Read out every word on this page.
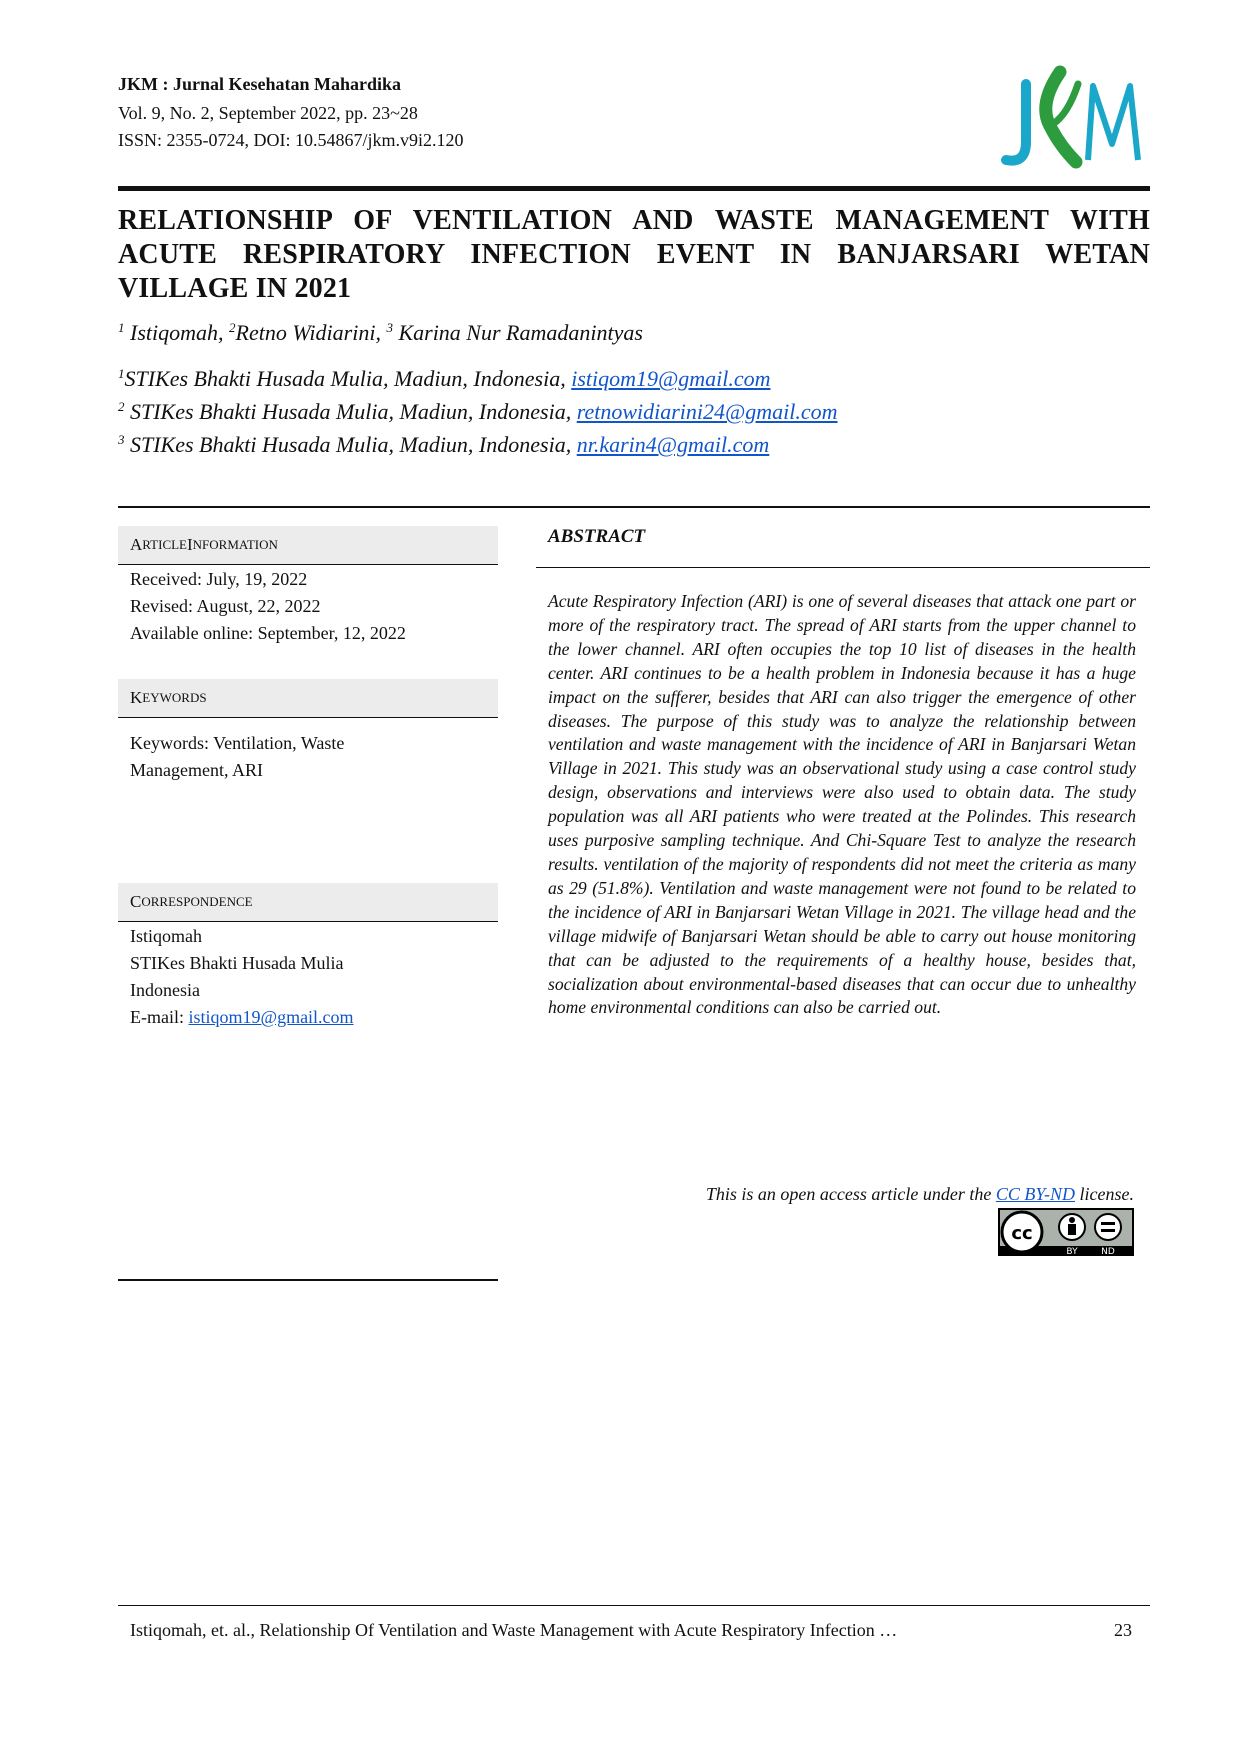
JKM : Jurnal Kesehatan Mahardika
Vol. 9, No. 2, September 2022, pp. 23~28
ISSN: 2355-0724, DOI: 10.54867/jkm.v9i2.120
RELATIONSHIP OF VENTILATION AND WASTE MANAGEMENT WITH ACUTE RESPIRATORY INFECTION EVENT IN BANJARSARI WETAN VILLAGE IN 2021
$^1$ Istiqomah, $^2$Retno Widiarini, $^3$ Karina Nur Ramadanintyas
$^1$STIKes Bhakti Husada Mulia, Madiun, Indonesia, istiqom19@gmail.com
$^2$ STIKes Bhakti Husada Mulia, Madiun, Indonesia, retnowidiarini24@gmail.com
$^3$ STIKes Bhakti Husada Mulia, Madiun, Indonesia, nr.karin4@gmail.com
A RTICLE I NFORMATION
Received: July, 19, 2022
Revised: August, 22, 2022
Available online: September, 12, 2022
K EYWORDS
Keywords: Ventilation, Waste
Management, ARI
C ORRESPONDENCE
Istiqomah
STIKes Bhakti Husada Mulia
Indonesia
E-mail: istiqom19@gmail.com
ABSTRACT
Acute Respiratory Infection (ARI) is one of several diseases that attack one part or more of the respiratory tract. The spread of ARI starts from the upper channel to the lower channel. ARI often occupies the top 10 list of diseases in the health center. ARI continues to be a health problem in Indonesia because it has a huge impact on the sufferer, besides that ARI can also trigger the emergence of other diseases. The purpose of this study was to analyze the relationship between ventilation and waste management with the incidence of ARI in Banjarsari Wetan Village in 2021. This study was an observational study using a case control study design, observations and interviews were also used to obtain data. The study population was all ARI patients who were treated at the Polindes. This research uses purposive sampling technique. And Chi-Square Test to analyze the research results. ventilation of the majority of respondents did not meet the criteria as many as 29 (51.8%). Ventilation and waste management were not found to be related to the incidence of ARI in Banjarsari Wetan Village in 2021. The village head and the village midwife of Banjarsari Wetan should be able to carry out house monitoring that can be adjusted to the requirements of a healthy house, besides that, socialization about environmental-based diseases that can occur due to unhealthy home environmental conditions can also be carried out.
This is an open access article under the CC BY-ND license.
cc
BY	ND
Istiqomah, et. al., Relationship Of Ventilation and Waste Management with Acute Respiratory Infection …	23
